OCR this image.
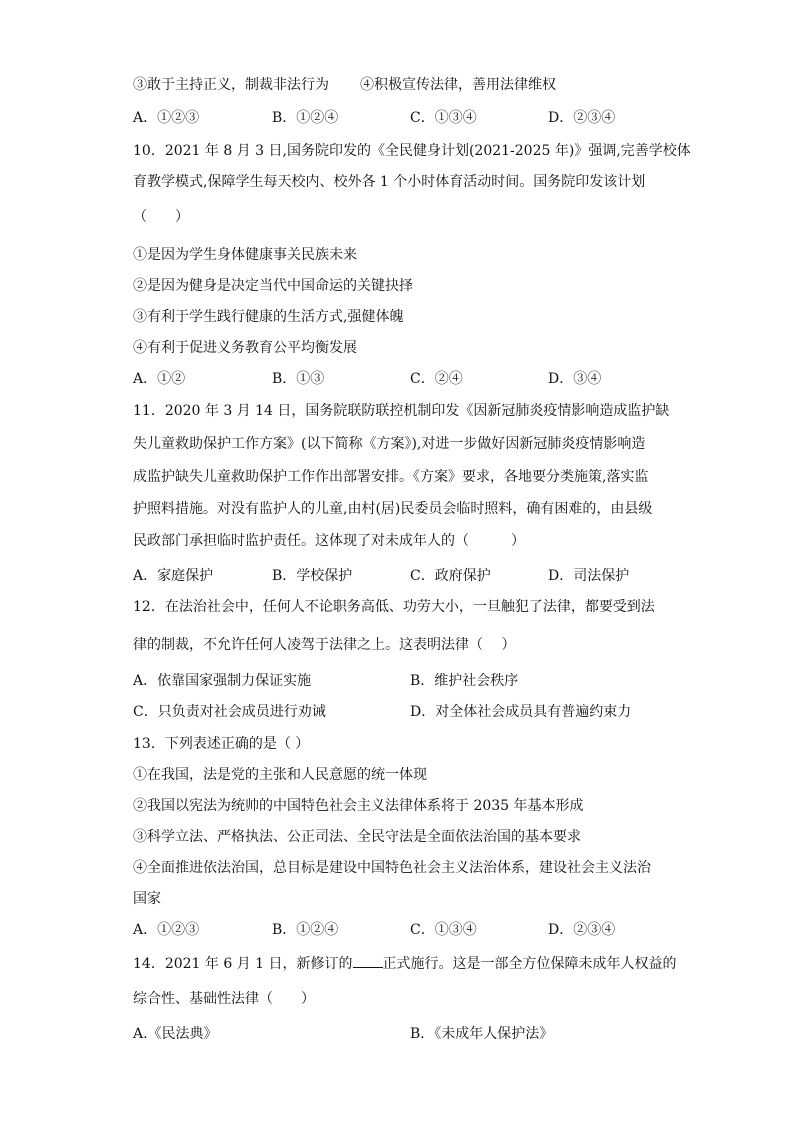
③敢于主持正义，制裁非法行为 ④积极宣传法律，善用法律维权
A．①②③	B．①②④	C．①③④	D．②③④
10．2021 年 8 月 3 日,国务院印发的《全民健身计划(2021-2025 年)》强调,完善学校体
育教学模式,保障学生每天校内、校外各 1 个小时体育活动时间。国务院印发该计划
（　　）
①是因为学生身体健康事关民族未来
②是因为健身是决定当代中国命运的关键抉择
③有利于学生践行健康的生活方式,强健体魄
④有利于促进义务教育公平均衡发展
A．①②	B．①③	C．②④	D．③④
11．2020 年 3 月 14 日，国务院联防联控机制印发《因新冠肺炎疫情影响造成监护缺
失儿童救助保护工作方案》(以下简称《方案》),对进一步做好因新冠肺炎疫情影响造
成监护缺失儿童救助保护工作作出部署安排。《方案》要求，各地要分类施策,落实监
护照料措施。对没有监护人的儿童,由村(居)民委员会临时照料，确有困难的，由县级
民政部门承担临时监护责任。这体现了对未成年人的（　　　）
A．家庭保护	B．学校保护	C．政府保护	D．司法保护
12．在法治社会中，任何人不论职务高低、功劳大小，一旦触犯了法律，都要受到法
律的制裁，不允许任何人凌驾于法律之上。这表明法律（　 ）
A．依靠国家强制力保证实施	B．维护社会秩序
C．只负责对社会成员进行劝诫	D．对全体社会成员具有普遍约束力
13．下列表述正确的是（ ）
①在我国，法是党的主张和人民意愿的统一体现
②我国以宪法为统帅的中国特色社会主义法律体系将于 2035 年基本形成
③科学立法、严格执法、公正司法、全民守法是全面依法治国的基本要求
④全面推进依法治国，总目标是建设中国特色社会主义法治体系，建设社会主义法治
国家
A．①②③	B．①②④	C．①③④	D．②③④
14．2021 年 6 月 1 日，新修订的 正式施行。这是一部全方位保障未成年人权益的
综合性、基础性法律（　　）
A.《民法典》	B．《未成年人保护法》
